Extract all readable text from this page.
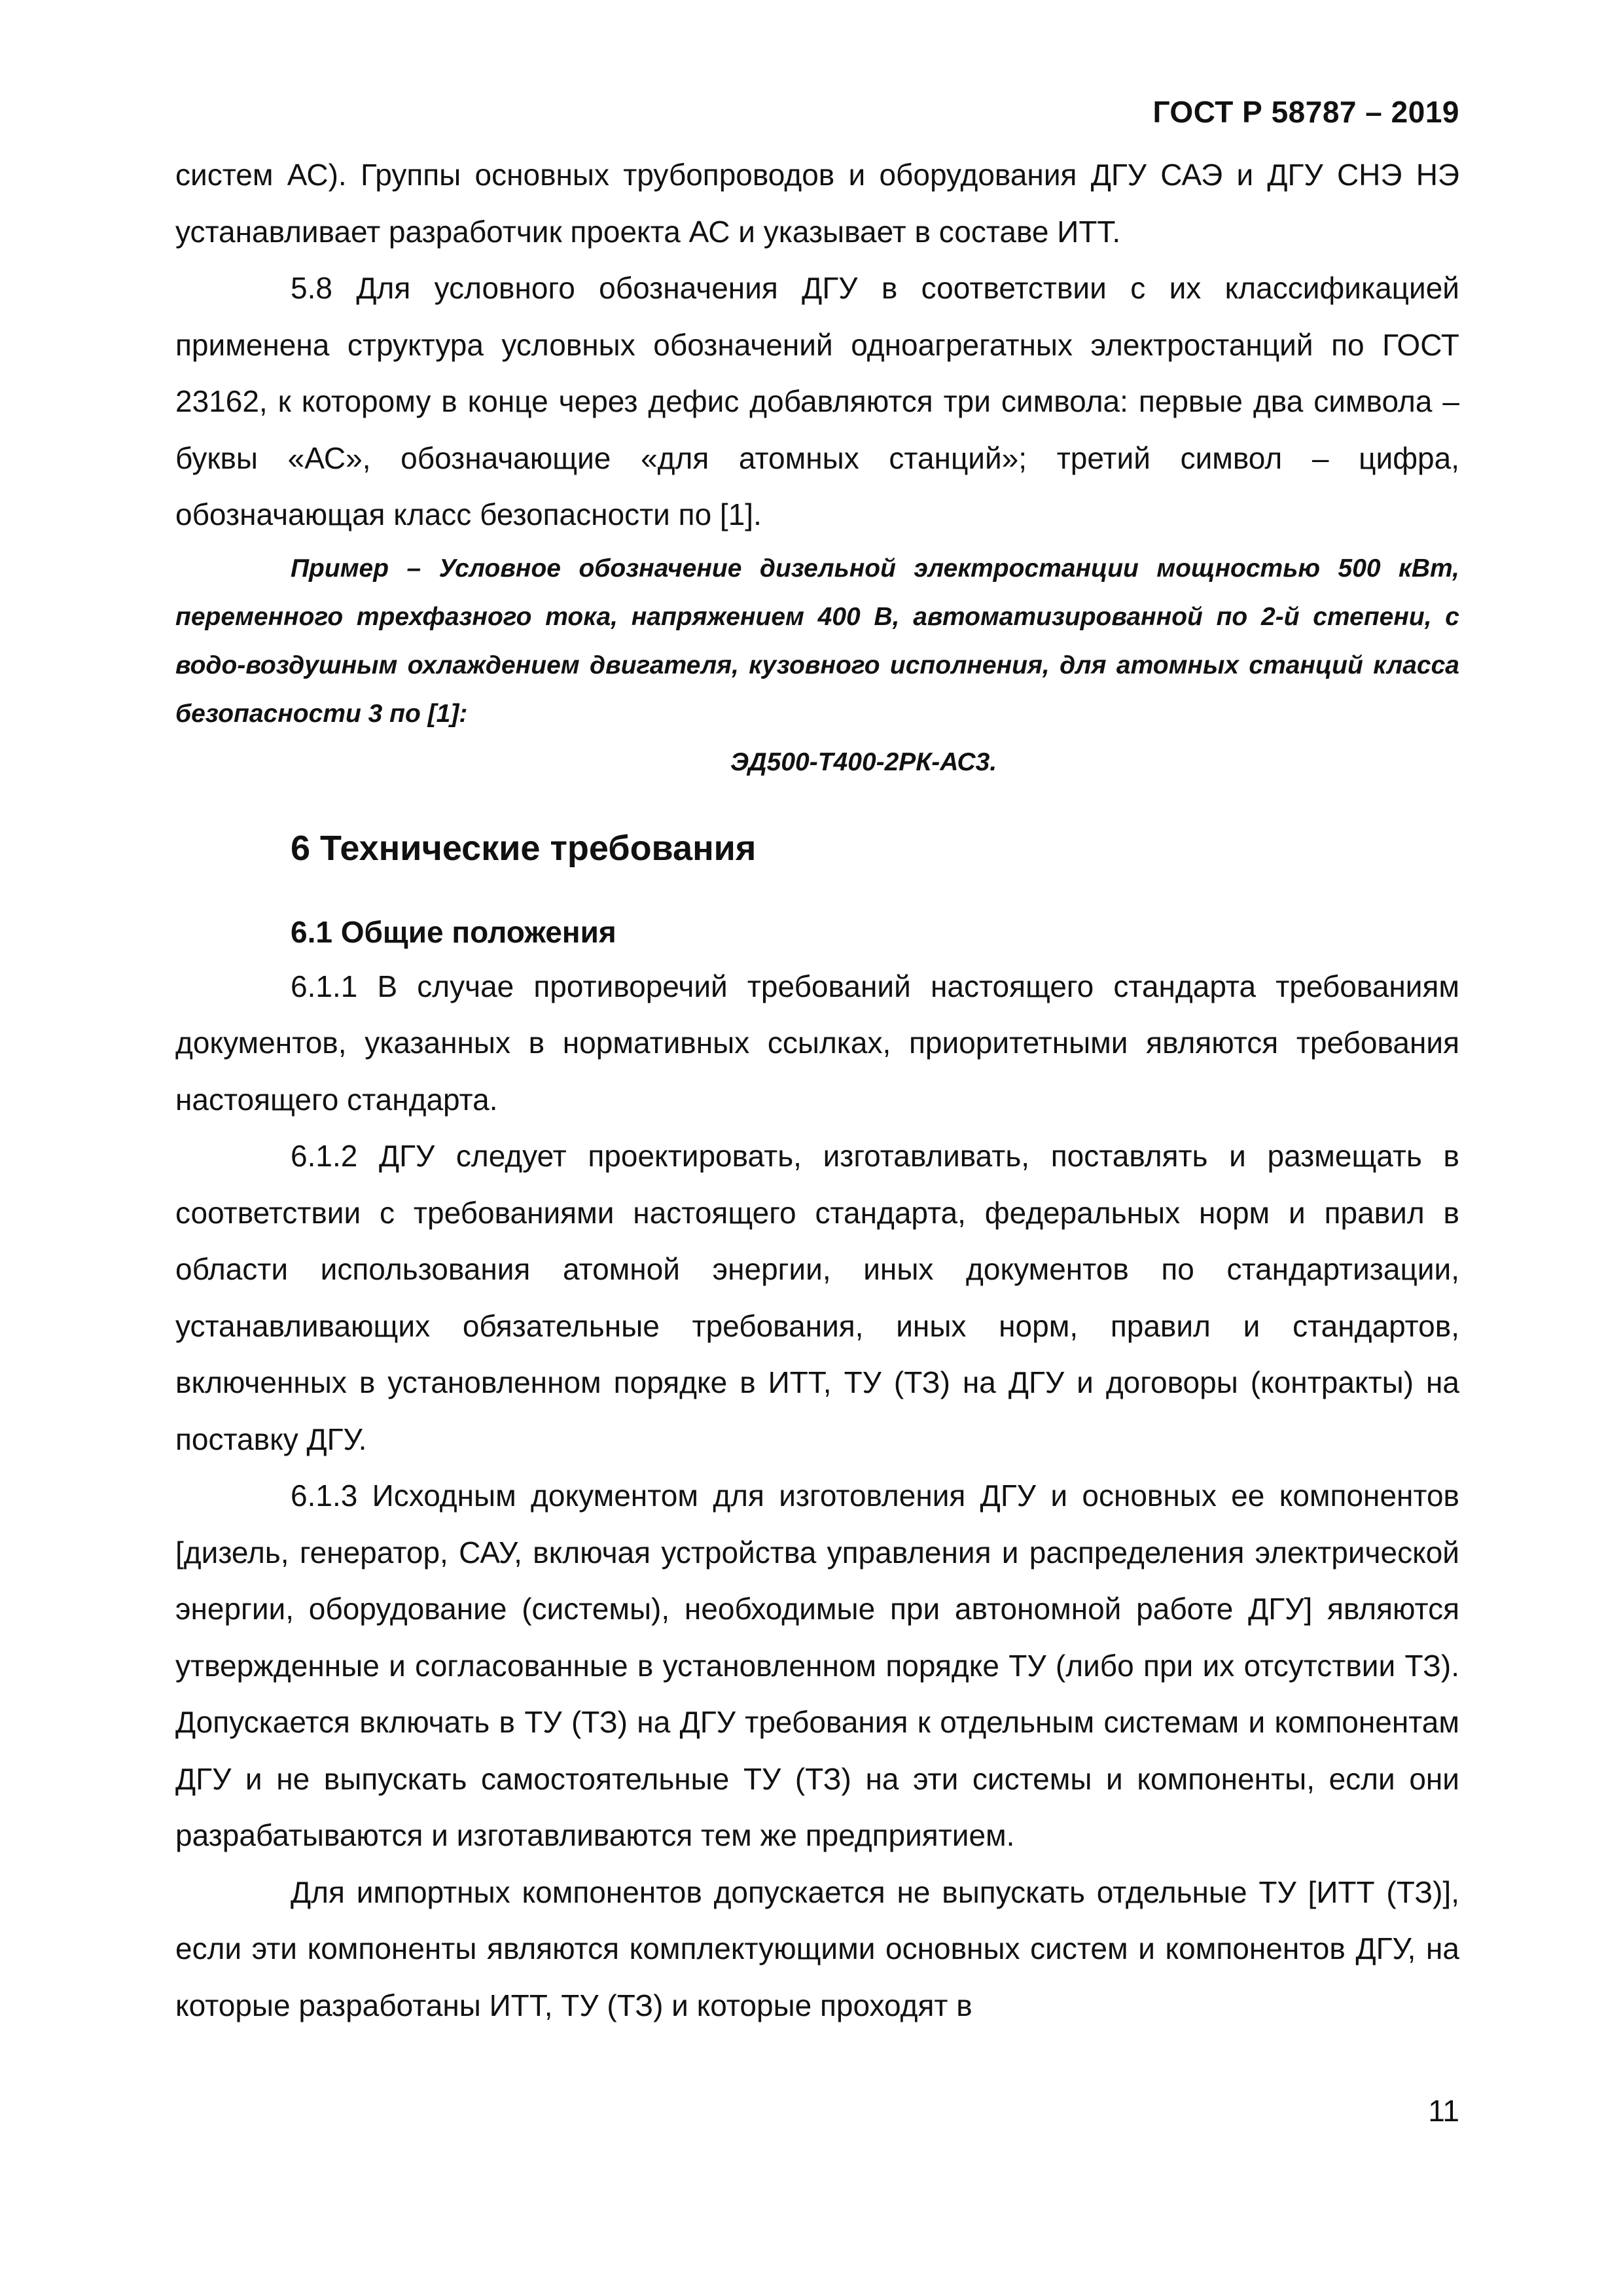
ГОСТ Р 58787 – 2019

систем АС). Группы основных трубопроводов и оборудования ДГУ САЭ и ДГУ СНЭ НЭ устанавливает разработчик проекта АС и указывает в составе ИТТ.

5.8 Для условного обозначения ДГУ в соответствии с их классификацией применена структура условных обозначений одноагрегатных электростанций по ГОСТ 23162, к которому в конце через дефис добавляются три символа: первые два символа – буквы «АС», обозначающие «для атомных станций»; третий символ – цифра, обозначающая класс безопасности по [1].

Пример – Условное обозначение дизельной электростанции мощностью 500 кВт, переменного трехфазного тока, напряжением 400 В, автоматизированной по 2-й степени, с водо-воздушным охлаждением двигателя, кузовного исполнения, для атомных станций класса безопасности 3 по [1]:

ЭД500-Т400-2РК-АС3.

6 Технические требования
6.1 Общие положения

6.1.1 В случае противоречий требований настоящего стандарта требованиям документов, указанных в нормативных ссылках, приоритетными являются требования настоящего стандарта.

6.1.2 ДГУ следует проектировать, изготавливать, поставлять и размещать в соответствии с требованиями настоящего стандарта, федеральных норм и правил в области использования атомной энергии, иных документов по стандартизации, устанавливающих обязательные требования, иных норм, правил и стандартов, включенных в установленном порядке в ИТТ, ТУ (ТЗ) на ДГУ и договоры (контракты) на поставку ДГУ.

6.1.3 Исходным документом для изготовления ДГУ и основных ее компонентов [дизель, генератор, САУ, включая устройства управления и распределения электрической энергии, оборудование (системы), необходимые при автономной работе ДГУ] являются утвержденные и согласованные в установленном порядке ТУ (либо при их отсутствии ТЗ). Допускается включать в ТУ (ТЗ) на ДГУ требования к отдельным системам и компонентам ДГУ и не выпускать самостоятельные ТУ (ТЗ) на эти системы и компоненты, если они разрабатываются и изготавливаются тем же предприятием.

Для импортных компонентов допускается не выпускать отдельные ТУ [ИТТ (ТЗ)], если эти компоненты являются комплектующими основных систем и компонентов ДГУ, на которые разработаны ИТТ, ТУ (ТЗ) и которые проходят в

11
